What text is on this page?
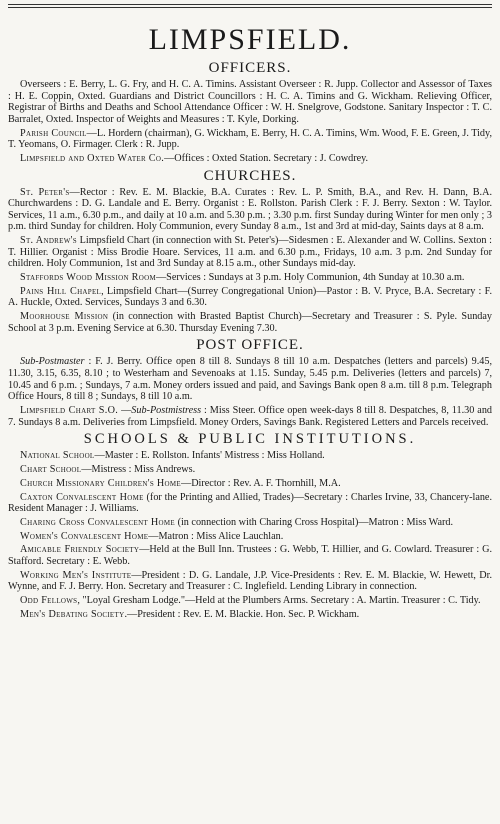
LIMPSFIELD.
OFFICERS.

Overseers : E. Berry, L. G. Fry, and H. C. A. Timins. Assistant Overseer : R. Jupp. Collector and Assessor of Taxes : H. E. Coppin, Oxted. Guardians and District Councillors : H. C. A. Timins and G. Wickham. Relieving Officer, Registrar of Births and Deaths and School Attendance Officer : W. H. Snelgrove, Godstone. Sanitary Inspector : T. C. Barralet, Oxted. Inspector of Weights and Measures : T. Kyle, Dorking.

Parish Council—L. Hordern (chairman), G. Wickham, E. Berry, H. C. A. Timins, Wm. Wood, F. E. Green, J. Tidy, T. Yeomans, O. Firmager. Clerk : R. Jupp.

Limpsfield and Oxted Water Co.—Offices : Oxted Station. Secretary : J. Cowdrey.

CHURCHES.

St. Peter's—Rector : Rev. E. M. Blackie, B.A. Curates : Rev. L. P. Smith, B.A., and Rev. H. Dann, B.A. Churchwardens : D. G. Landale and E. Berry. Organist : E. Rollston. Parish Clerk : F. J. Berry. Sexton : W. Taylor. Services, 11 a.m., 6.30 p.m., and daily at 10 a.m. and 5.30 p.m. ; 3.30 p.m. first Sunday during Winter for men only ; 3 p.m. third Sunday for children. Holy Communion, every Sunday 8 a.m., 1st and 3rd at mid-day, Saints days at 8 a.m.

St. Andrew's Limpsfield Chart (in connection with St. Peter's)—Sidesmen : E. Alexander and W. Collins. Sexton : T. Hillier. Organist : Miss Brodie Hoare. Services, 11 a.m. and 6.30 p.m., Fridays, 10 a.m. 3 p.m. 2nd Sunday for children. Holy Communion, 1st and 3rd Sunday at 8.15 a.m., other Sundays mid-day.

Staffords Wood Mission Room—Services : Sundays at 3 p.m. Holy Communion, 4th Sunday at 10.30 a.m.

Pains Hill Chapel, Limpsfield Chart—(Surrey Congregational Union)—Pastor : B. V. Pryce, B.A. Secretary : F. A. Huckle, Oxted. Services, Sundays 3 and 6.30.

Moorhouse Mission (in connection with Brasted Baptist Church)—Secretary and Treasurer : S. Pyle. Sunday School at 3 p.m. Evening Service at 6.30. Thursday Evening 7.30.

POST OFFICE.

Sub-Postmaster : F. J. Berry. Office open 8 till 8. Sundays 8 till 10 a.m. Despatches (letters and parcels) 9.45, 11.30, 3.15, 6.35, 8.10 ; to Westerham and Sevenoaks at 1.15. Sunday, 5.45 p.m. Deliveries (letters and parcels) 7, 10.45 and 6 p.m. ; Sundays, 7 a.m. Money orders issued and paid, and Savings Bank open 8 a.m. till 8 p.m. Telegraph Office Hours, 8 till 8 ; Sundays, 8 till 10 a.m.

Limpsfield Chart S.O. —Sub-Postmistress : Miss Steer. Office open week-days 8 till 8. Despatches, 8, 11.30 and 7. Sundays 8 a.m. Deliveries from Limpsfield. Money Orders, Savings Bank. Registered Letters and Parcels received.

SCHOOLS & PUBLIC INSTITUTIONS.

National School—Master : E. Rollston. Infants' Mistress : Miss Holland.

Chart School—Mistress : Miss Andrews.

Church Missionary Children's Home—Director : Rev. A. F. Thornhill, M.A.

Caxton Convalescent Home (for the Printing and Allied, Trades)—Secretary : Charles Irvine, 33, Chancery-lane. Resident Manager : J. Williams.

Charing Cross Convalescent Home (in connection with Charing Cross Hospital)—Matron : Miss Ward.

Women's Convalescent Home—Matron : Miss Alice Lauchlan.

Amicable Friendly Society—Held at the Bull Inn. Trustees : G. Webb, T. Hillier, and G. Cowlard. Treasurer : G. Stafford. Secretary : E. Webb.

Working Men's Institute—President : D. G. Landale, J.P. Vice-Presidents : Rev. E. M. Blackie, W. Hewett, Dr. Wynne, and F. J. Berry. Hon. Secretary and Treasurer : C. Inglefield. Lending Library in connection.

Odd Fellows, "Loyal Gresham Lodge."—Held at the Plumbers Arms. Secretary : A. Martin. Treasurer : C. Tidy.

Men's Debating Society.—President : Rev. E. M. Blackie. Hon. Sec. P. Wickham.
